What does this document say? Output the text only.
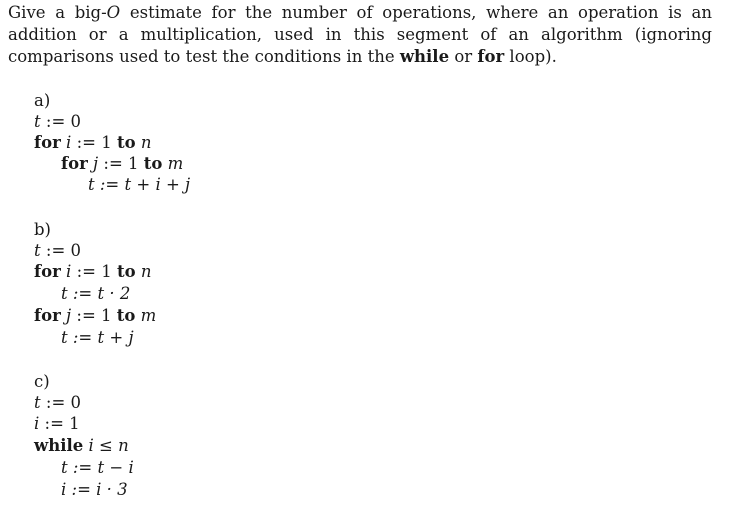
Give a big-O estimate for the number of operations, where an operation is an addition or a multiplication, used in this segment of an algorithm (ignoring comparisons used to test the conditions in the while or for loop).

a)
t := 0
for i := 1 to n
for j := 1 to m
t := t + i + j
b)
t := 0
for i := 1 to n
t := t · 2
for j := 1 to m
t := t + j
c)
t := 0
i := 1
while i ≤ n
t := t − i
i := i · 3
